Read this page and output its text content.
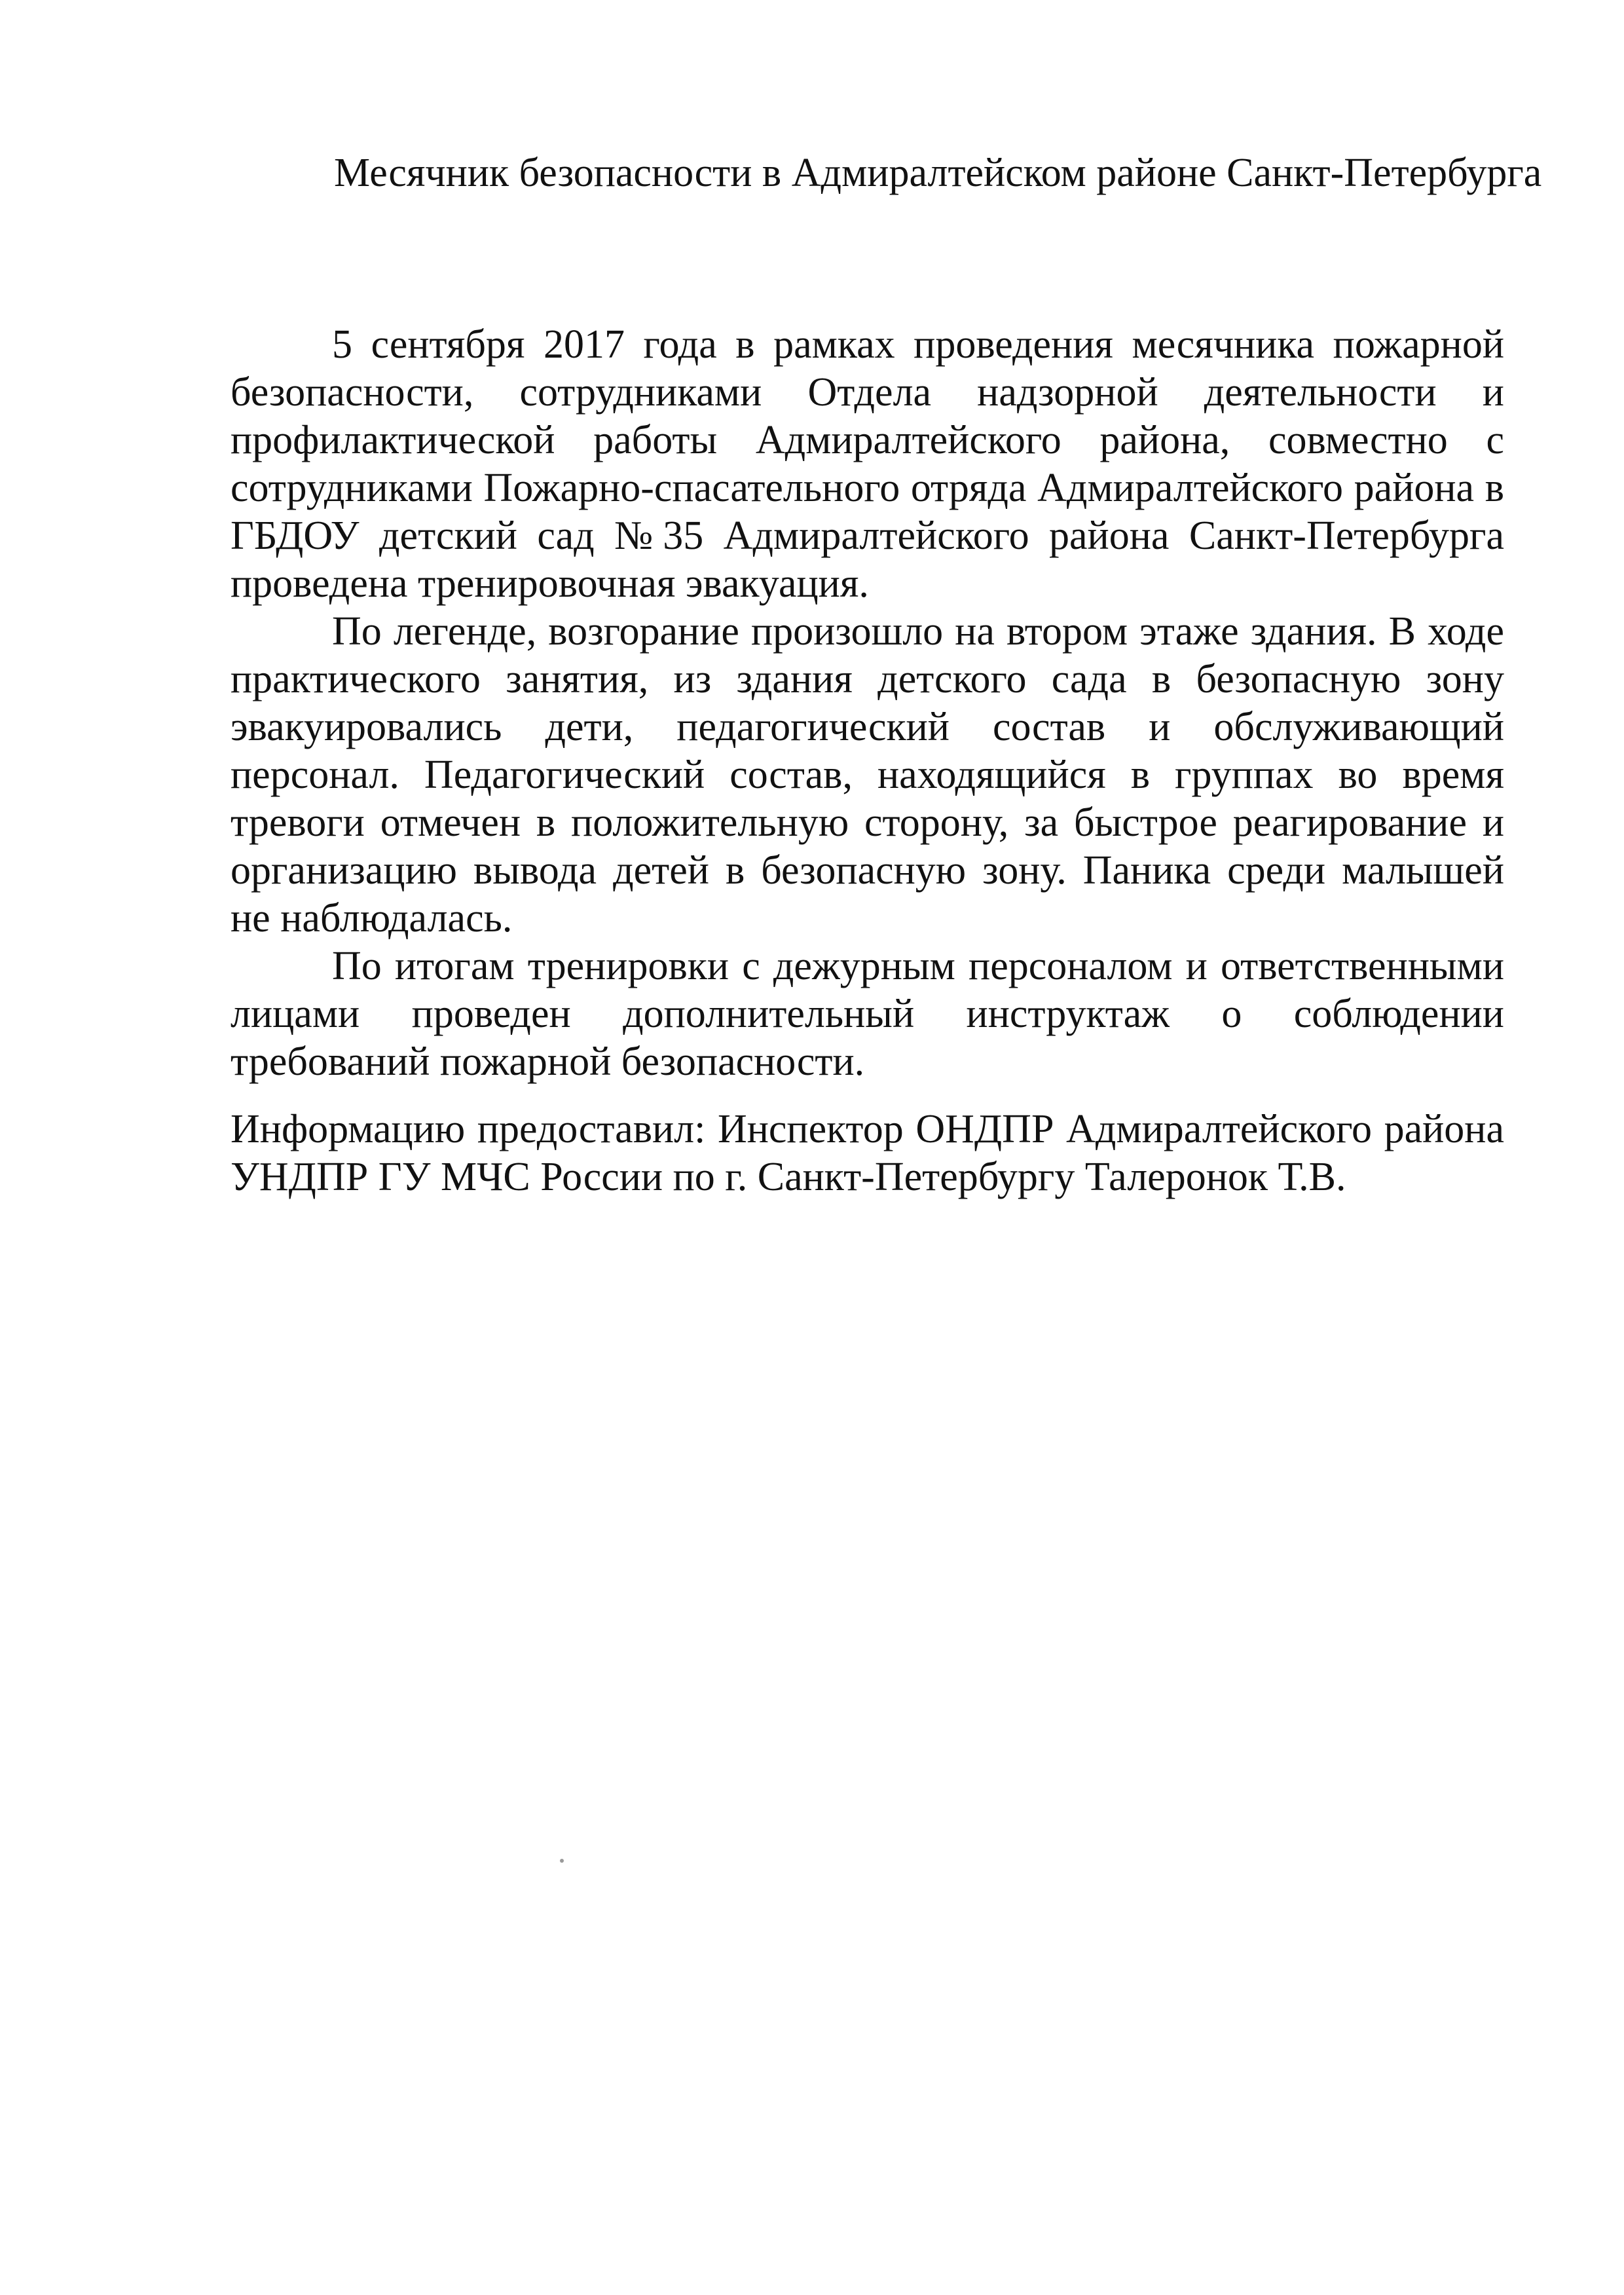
Месячник безопасности в Адмиралтейском районе Санкт-Петербурга

5 сентября 2017 года в рамках проведения месячника пожарной безопасности, сотрудниками Отдела надзорной деятельности и профилактической работы Адмиралтейского района, совместно с сотрудниками Пожарно-спасательного отряда Адмиралтейского района в ГБДОУ детский сад №35 Адмиралтейского района Санкт-Петербурга проведена тренировочная эвакуация.

По легенде, возгорание произошло на втором этаже здания. В ходе практического занятия, из здания детского сада в безопасную зону эвакуировались дети, педагогический состав и обслуживающий персонал. Педагогический состав, находящийся в группах во время тревоги отмечен в положительную сторону, за быстрое реагирование и организацию вывода детей в безопасную зону. Паника среди малышей не наблюдалась.

По итогам тренировки с дежурным персоналом и ответственными лицами проведен дополнительный инструктаж о соблюдении требований пожарной безопасности.

Информацию предоставил: Инспектор ОНДПР Адмиралтейского района УНДПР ГУ МЧС России по г. Санкт-Петербургу Талеронок Т.В.
